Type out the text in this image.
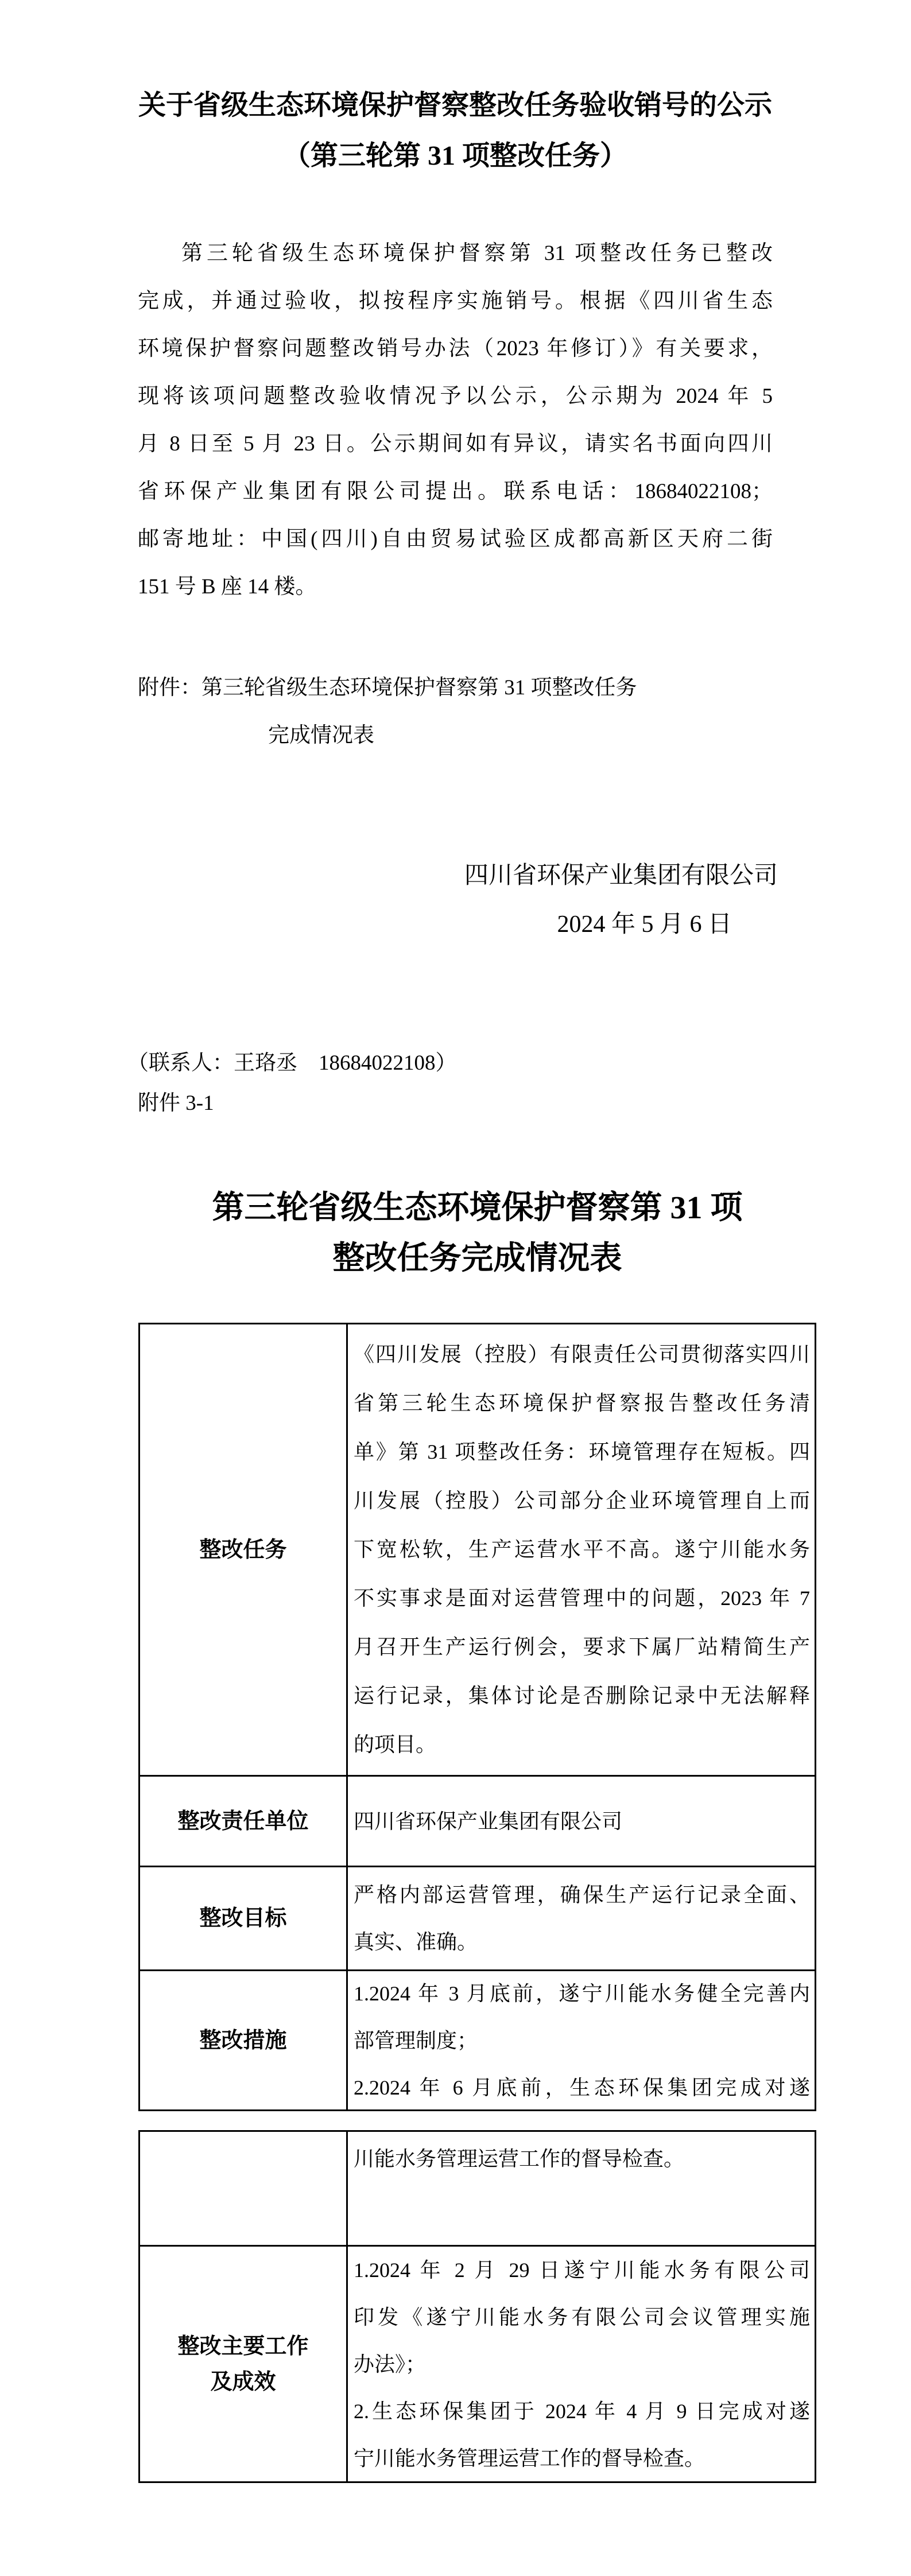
关于省级生态环境保护督察整改任务验收销号的公示
（第三轮第 31 项整改任务）
第三轮省级生态环境保护督察第 31 项整改任务已整改
完成，并通过验收，拟按程序实施销号。根据《四川省生态
环境保护督察问题整改销号办法（2023 年修订）》有关要求，
现将该项问题整改验收情况予以公示，公示期为 2024 年 5
月 8 日至 5 月 23 日。公示期间如有异议，请实名书面向四川
省环保产业集团有限公司提出。联系电话：18684022108；
邮寄地址：中国(四川)自由贸易试验区成都高新区天府二街
151 号 B 座 14 楼。
附件：第三轮省级生态环境保护督察第 31 项整改任务
完成情况表
四川省环保产业集团有限公司
2024 年 5 月 6 日
（联系人：王珞丞　18684022108）
附件 3-1
第三轮省级生态环境保护督察第 31 项
整改任务完成情况表
整改任务
《四川发展（控股）有限责任公司贯彻落实四川
省第三轮生态环境保护督察报告整改任务清
单》第 31 项整改任务：环境管理存在短板。四
川发展（控股）公司部分企业环境管理自上而
下宽松软，生产运营水平不高。遂宁川能水务
不实事求是面对运营管理中的问题，2023 年 7
月召开生产运行例会，要求下属厂站精简生产
运行记录，集体讨论是否删除记录中无法解释
的项目。
整改责任单位 四川省环保产业集团有限公司
整改目标
严格内部运营管理，确保生产运行记录全面、
真实、准确。
整改措施
1.2024 年 3 月底前，遂宁川能水务健全完善内
部管理制度；
2.2024 年 6 月底前，生态环保集团完成对遂
川能水务管理运营工作的督导检查。
整改主要工作
及成效
1.2024 年 2 月 29 日遂宁川能水务有限公司
印发《遂宁川能水务有限公司会议管理实施
办法》；
2.生态环保集团于 2024 年 4 月 9 日完成对遂
宁川能水务管理运营工作的督导检查。
